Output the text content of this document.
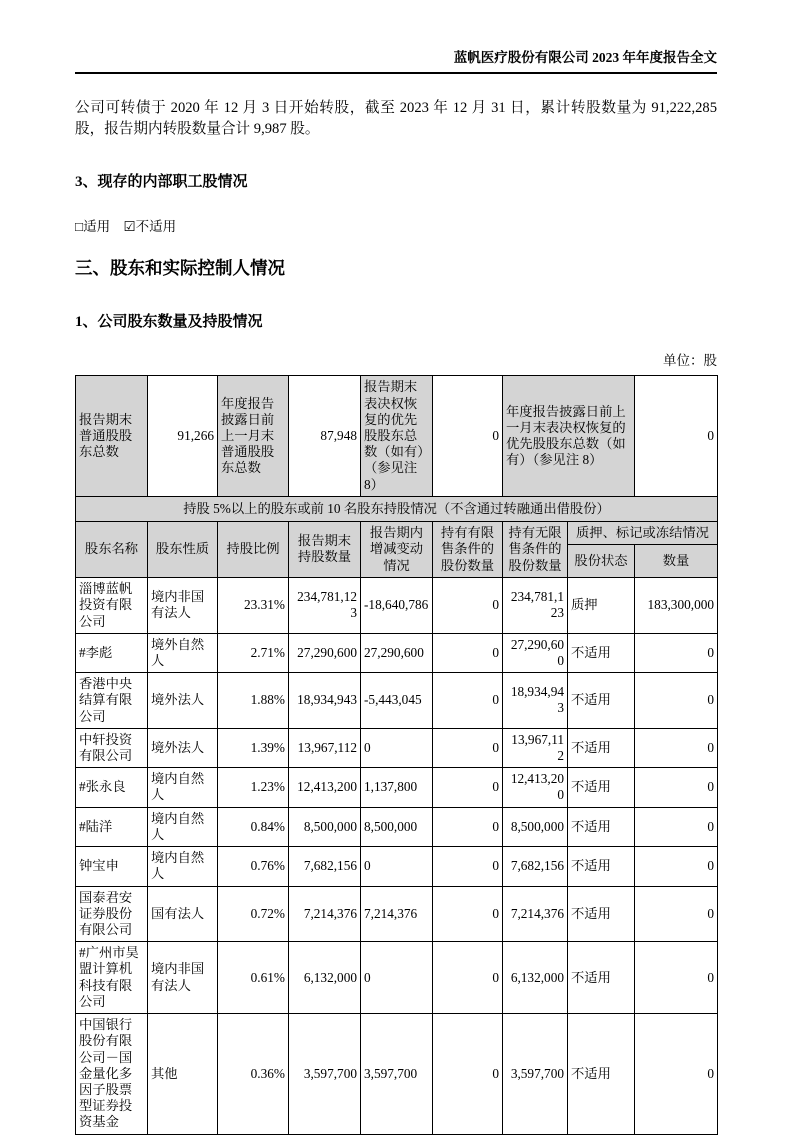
蓝帆医疗股份有限公司 2023 年年度报告全文
公司可转债于 2020 年 12 月 3 日开始转股，截至 2023 年 12 月 31 日，累计转股数量为 91,222,285 股，报告期内转股数量合计 9,987 股。
3、现存的内部职工股情况
□适用 ☑不适用
三、股东和实际控制人情况
1、公司股东数量及持股情况
单位：股
报告期末普通股股东总数	91,266	年度报告披露日前上一月末普通股股东总数	87,948	报告期末表决权恢复的优先股股东总数（如有）（参见注8）	0	年度报告披露日前上一月末表决权恢复的优先股股东总数（如有）（参见注 8）		0
持股 5%以上的股东或前 10 名股东持股情况（不含通过转融通出借股份）								
股东名称	股东性质	持股比例	报告期末持股数量	报告期内增减变动情况	持有有限售条件的股份数量	持有无限售条件的股份数量	质押、标记或冻结情况	
							股份状态	数量
淄博蓝帆投资有限公司	境内非国有法人	23.31%	234,781,123	-18,640,786	0	234,781,123	质押	183,300,000
#李彪	境外自然人	2.71%	27,290,600	27,290,600	0	27,290,600	不适用	0
香港中央结算有限公司	境外法人	1.88%	18,934,943	-5,443,045	0	18,934,943	不适用	0
中轩投资有限公司	境外法人	1.39%	13,967,112	0	0	13,967,112	不适用	0
#张永良	境内自然人	1.23%	12,413,200	1,137,800	0	12,413,200	不适用	0
#陆洋	境内自然人	0.84%	8,500,000	8,500,000	0	8,500,000	不适用	0
钟宝申	境内自然人	0.76%	7,682,156	0	0	7,682,156	不适用	0
国泰君安证券股份有限公司	国有法人	0.72%	7,214,376	7,214,376	0	7,214,376	不适用	0
#广州市昊盟计算机科技有限公司	境内非国有法人	0.61%	6,132,000	0	0	6,132,000	不适用	0
中国银行股份有限公司－国金量化多因子股票型证券投资基金	其他	0.36%	3,597,700	3,597,700	0	3,597,700	不适用	0
